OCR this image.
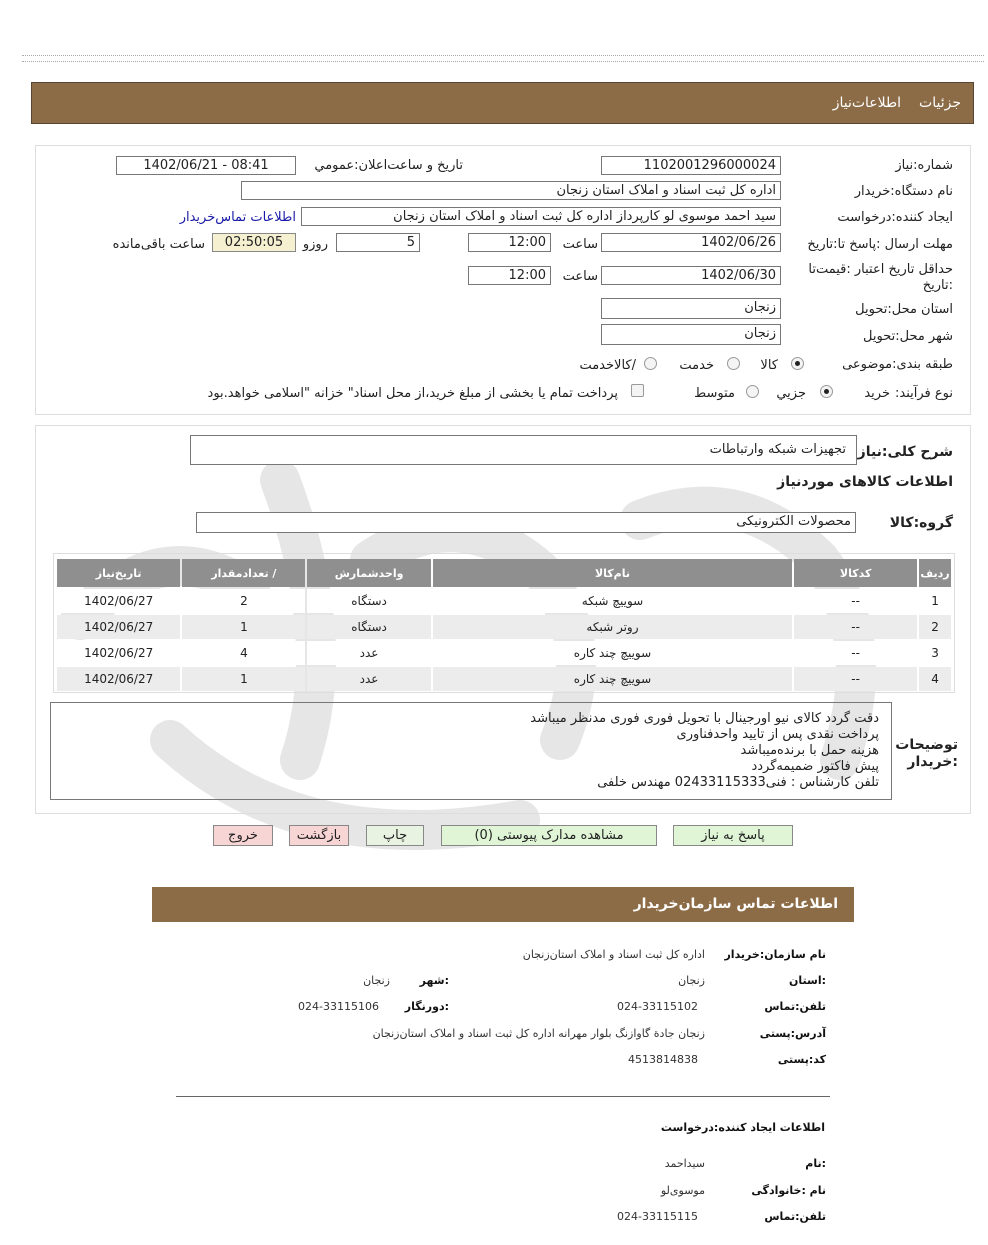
جزئیات
اطلاعات‌نیاز
شماره:نیاز
1102001296000024
تاریخ و ساعت‌اعلان:عمومي
1402/06/21 - 08:41
نام دستگاه:خریدار
اداره کل ثبت اسناد و املاک استان زنجان
ایجاد کننده:درخواست
سید احمد موسوی لو کارپرداز اداره کل ثبت اسناد و املاک استان زنجان
اطلاعات تماس‌خریدار
مهلت ارسال :پاسخ تا:تاریخ
1402/06/26
ساعت
12:00
5
روزو
02:50:05
ساعت باقی‌مانده
حداقل تاریخ اعتبار :قیمت‌تا
:تاریخ
1402/06/30
ساعت
12:00
استان محل:تحویل
زنجان
شهر محل:تحویل
زنجان
طبقه بندی:موضوعی
کالا
خدمت
/کالاخدمت
نوع فرآیند:
خرید
جزیي
متوسط
پرداخت تمام یا بخشی از مبلغ خرید،از محل اسناد" خزانه "اسلامی خواهد.بود
شرح کلی:نیاز
تجهیزات شبکه وارتباطات
اطلاعات کالاهای موردنیاز
گروه:کالا
محصولات الکترونیکی
ردیف	کدکالا	نام‌کالا	واحدشمارش	/ تعدادمقدار	تاریخ‌نیاز
1	--	سوییچ شبکه	دستگاه	2	1402/06/27
2	--	روتر شبکه	دستگاه	1	1402/06/27
3	--	سوییچ چند کاره	عدد	4	1402/06/27
4	--	سوییچ چند کاره	عدد	1	1402/06/27
توضیحات
:خریدار
دقت گردد کالای نیو اورجینال با تحویل فوری فوری مدنظر میباشد
پرداخت نقدی پس از تایید واحدفناوری
هزینه حمل با برنده‌میباشد
پیش فاکتور ضمیمه‌گردد
تلفن کارشناس : فنی02433115333 مهندس خلفی
پاسخ به نیاز
مشاهده مدارک پیوستی (0)
چاپ
بازگشت
خروج
اطلاعات تماس سازمان‌خریدار
نام سازمان:خریدار
اداره کل ثبت اسناد و املاک استان‌زنجان
:استان
زنجان
:شهر
زنجان
تلفن:تماس
024-33115102
:دورنگار
024-33115106
آدرس:پستی
زنجان جادة گاوازنگ بلوار مهرانه اداره کل ثبت اسناد و املاک استان‌زنجان
کد:پستی
4513814838
اطلاعات ایجاد کننده:درخواست
:نام
سیداحمد
نام :خانوادگی
موسوی‌لو
تلفن:تماس
024-33115115
